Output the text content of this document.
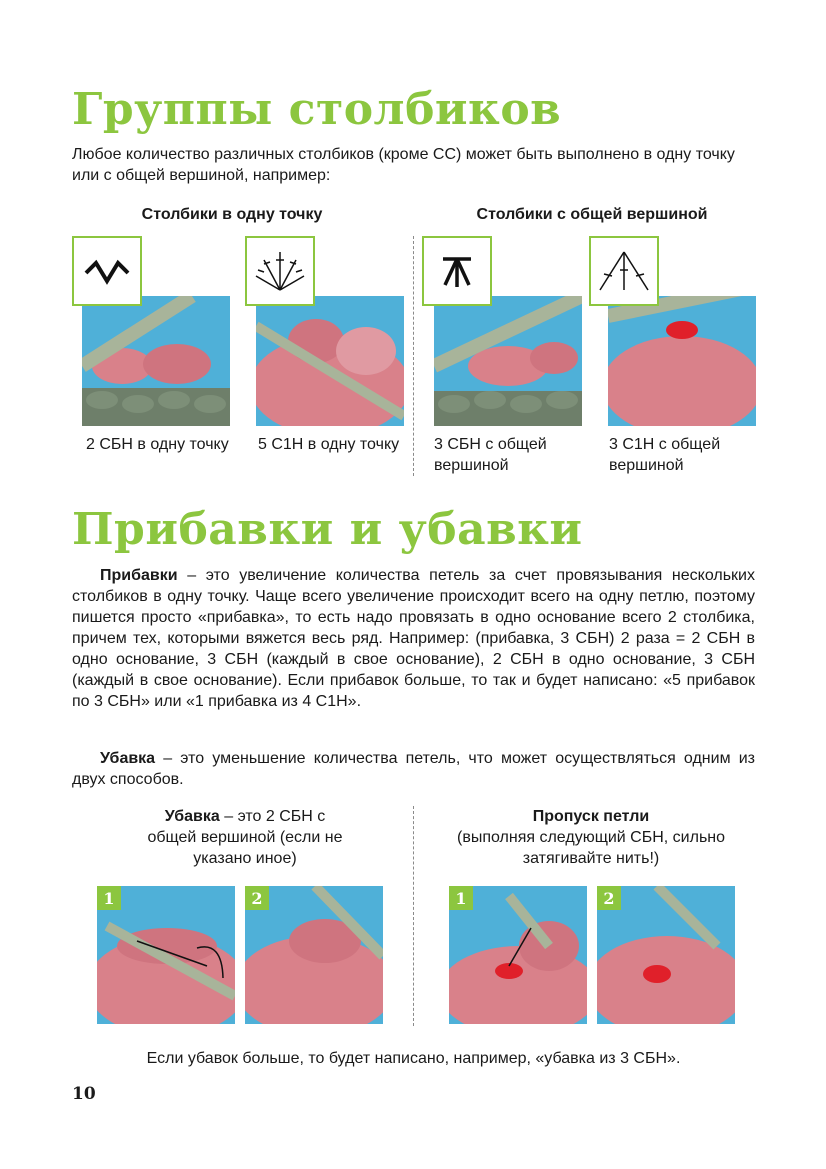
Группы столбиков

Любое количество различных столбиков (кроме СС) может быть выполнено в одну точку или с общей вершиной, например:

Столбики в одну точку	Столбики с общей вершиной
2 СБН в одну точку	5 С1Н в одну точку	3 СБН с общей вершиной
3 С1Н с общей вершиной
Прибавки и убавки

Прибавки – это увеличение количества петель за счет провязывания нескольких столбиков в одну точку. Чаще всего увеличение происходит всего на одну петлю, поэтому пишется просто «прибавка», то есть надо провязать в одно основание всего 2 столбика, причем тех, которыми вяжется весь ряд. Например: (прибавка, 3 СБН) 2 раза = 2 СБН в одно основание, 3 СБН (каждый в свое основание), 2 СБН в одно основание, 3 СБН (каждый в свое основание). Если прибавок больше, то так и будет написано: «5 прибавок по 3 СБН» или «1 прибавка из 4 С1Н».

Убавка – это уменьшение количества петель, что может осуществляться одним из двух способов.

Убавка – это 2 СБН с общей вершиной (если не указано иное)
Пропуск петли
(выполняя следующий СБН, сильно затягивайте нить!)
1	2	1	2

Если убавок больше, то будет написано, например, «убавка из 3 СБН».

10
